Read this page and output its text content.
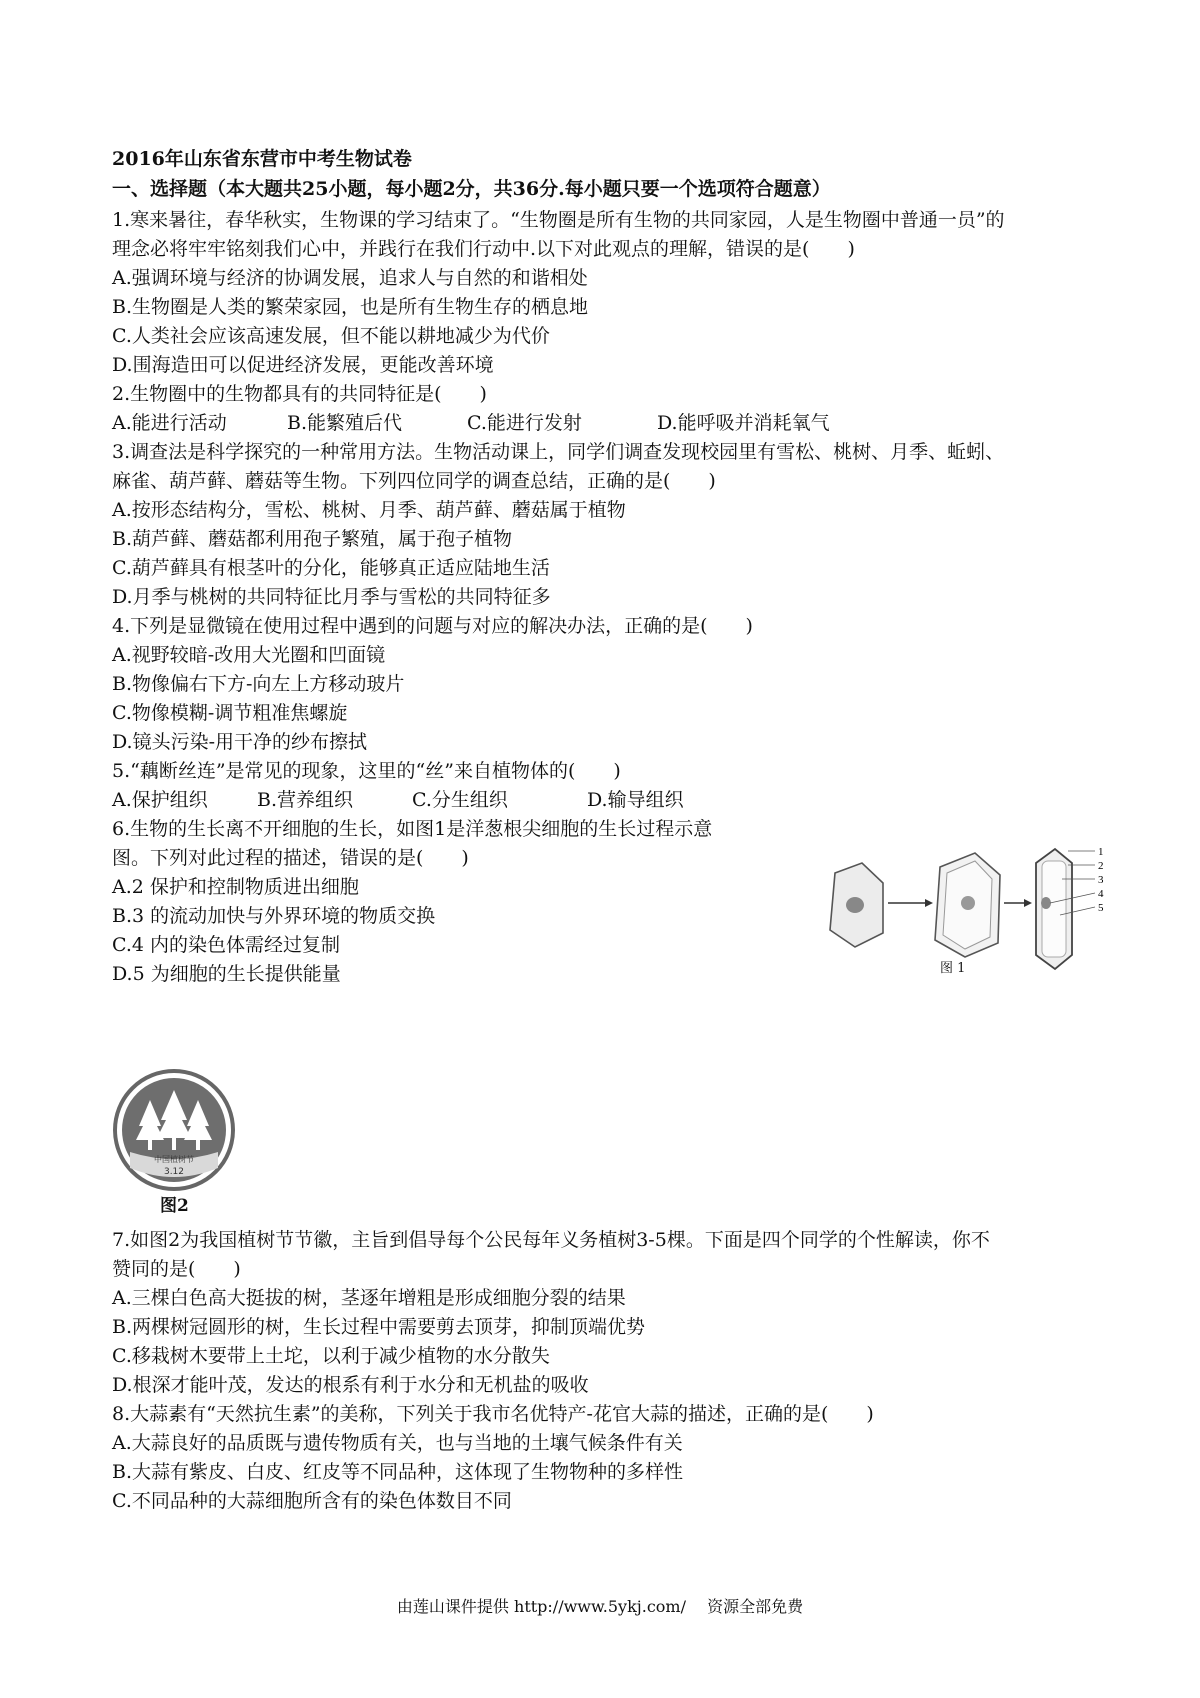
2016年山东省东营市中考生物试卷
一、选择题（本大题共25小题，每小题2分，共36分.每小题只要一个选项符合题意）
1.寒来暑往，春华秋实，生物课的学习结束了。“生物圈是所有生物的共同家园，人是生物圈中普通一员”的
理念必将牢牢铭刻我们心中，并践行在我们行动中.以下对此观点的理解，错误的是(　　)
A.强调环境与经济的协调发展，追求人与自然的和谐相处
B.生物圈是人类的繁荣家园，也是所有生物生存的栖息地
C.人类社会应该高速发展，但不能以耕地减少为代价
D.围海造田可以促进经济发展，更能改善环境
2.生物圈中的生物都具有的共同特征是(　　)
A.能进行活动	B.能繁殖后代	C.能进行发射	D.能呼吸并消耗氧气
3.调查法是科学探究的一种常用方法。生物活动课上，同学们调查发现校园里有雪松、桃树、月季、蚯蚓、
麻雀、葫芦藓、蘑菇等生物。下列四位同学的调查总结，正确的是(　　)
A.按形态结构分，雪松、桃树、月季、葫芦藓、蘑菇属于植物
B.葫芦藓、蘑菇都利用孢子繁殖，属于孢子植物
C.葫芦藓具有根茎叶的分化，能够真正适应陆地生活
D.月季与桃树的共同特征比月季与雪松的共同特征多
4.下列是显微镜在使用过程中遇到的问题与对应的解决办法，正确的是(　　)
A.视野较暗-改用大光圈和凹面镜
B.物像偏右下方-向左上方移动玻片
C.物像模糊-调节粗准焦螺旋
D.镜头污染-用干净的纱布擦拭
5.“藕断丝连”是常见的现象，这里的“丝”来自植物体的(　　)
A.保护组织	B.营养组织	C.分生组织	D.输导组织
6.生物的生长离不开细胞的生长，如图1是洋葱根尖细胞的生长过程示意
图。下列对此过程的描述，错误的是(　　)
A.2 保护和控制物质进出细胞
B.3 的流动加快与外界环境的物质交换
C.4 内的染色体需经过复制
D.5 为细胞的生长提供能量
1
2
3
4
5
图 1
中国植树节
3.12
图2
7.如图2为我国植树节节徽，主旨到倡导每个公民每年义务植树3-5棵。下面是四个同学的个性解读，你不
赞同的是(　　)
A.三棵白色高大挺拔的树，茎逐年增粗是形成细胞分裂的结果
B.两棵树冠圆形的树，生长过程中需要剪去顶芽，抑制顶端优势
C.移栽树木要带上土坨，以利于减少植物的水分散失
D.根深才能叶茂，发达的根系有利于水分和无机盐的吸收
8.大蒜素有“天然抗生素”的美称，下列关于我市名优特产-花官大蒜的描述，正确的是(　　)
A.大蒜良好的品质既与遗传物质有关，也与当地的土壤气候条件有关
B.大蒜有紫皮、白皮、红皮等不同品种，这体现了生物物种的多样性
C.不同品种的大蒜细胞所含有的染色体数目不同
由莲山课件提供 http://www.5ykj.com/　 资源全部免费
